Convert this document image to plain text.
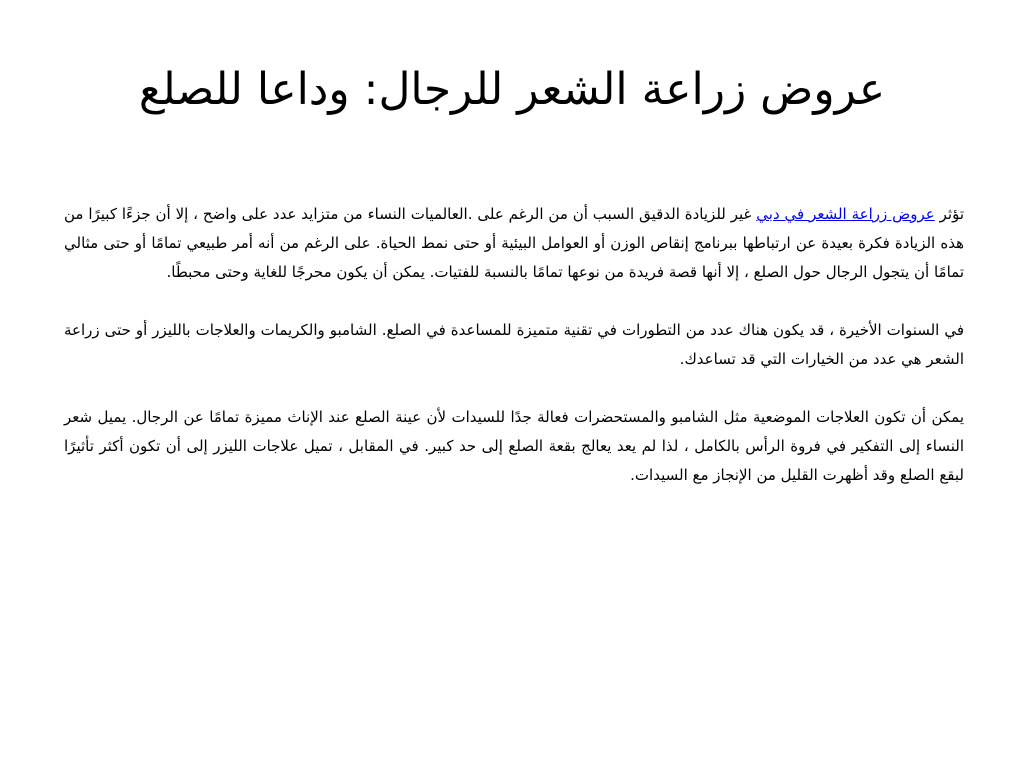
عروض زراعة الشعر للرجال: وداعا للصلع

تؤثر عروض زراعة الشعر في دبي غير للزيادة الدقيق السبب أن من الرغم على .العالميات النساء من متزايد عدد على واضح ، إلا أن جزءًا كبيرًا من هذه الزيادة فكرة بعيدة عن ارتباطها ببرنامج إنقاص الوزن أو العوامل البيئية أو حتى نمط الحياة. على الرغم من أنه أمر طبيعي تمامًا أو حتى مثالي تمامًا أن يتجول الرجال حول الصلع ، إلا أنها قصة فريدة من نوعها تمامًا بالنسبة للفتيات. يمكن أن يكون محرجًا للغاية وحتى محبطًا.

في السنوات الأخيرة ، قد يكون هناك عدد من التطورات في تقنية متميزة للمساعدة في الصلع. الشامبو والكريمات والعلاجات بالليزر أو حتى زراعة الشعر هي عدد من الخيارات التي قد تساعدك.

يمكن أن تكون العلاجات الموضعية مثل الشامبو والمستحضرات فعالة جدًا للسيدات لأن عينة الصلع عند الإناث مميزة تمامًا عن الرجال. يميل شعر النساء إلى التفكير في فروة الرأس بالكامل ، لذا لم يعد يعالج بقعة الصلع إلى حد كبير. في المقابل ، تميل علاجات الليزر إلى أن تكون أكثر تأثيرًا لبقع الصلع وقد أظهرت القليل من الإنجاز مع السيدات.
